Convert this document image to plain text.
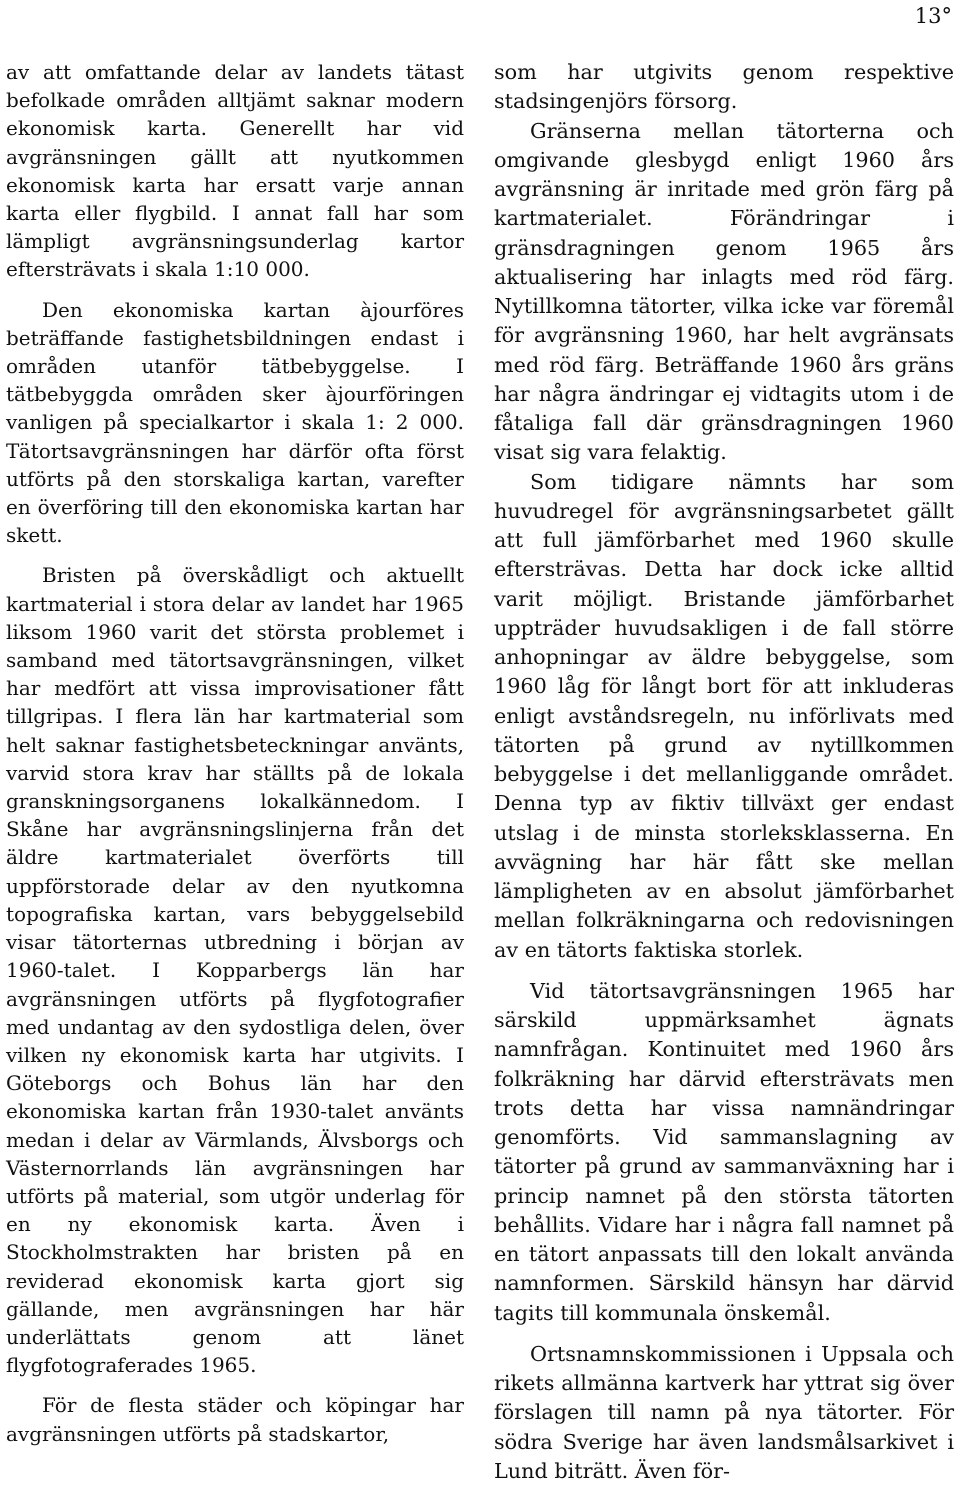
13°

av att omfattande delar av landets tätast befolkade områden alltjämt saknar modern ekonomisk karta. Generellt har vid avgränsningen gällt att nyutkommen ekonomisk karta har ersatt varje annan karta eller flygbild. I annat fall har som lämpligt avgränsningsunderlag kartor eftersträvats i skala 1:10 000.

Den ekonomiska kartan àjourföres beträffande fastighetsbildningen endast i områden utanför tätbebyggelse. I tätbebyggda områden sker àjourföringen vanligen på specialkartor i skala 1: 2 000. Tätortsavgränsningen har därför ofta först utförts på den storskaliga kartan, varefter en överföring till den ekonomiska kartan har skett.

Bristen på överskådligt och aktuellt kartmaterial i stora delar av landet har 1965 liksom 1960 varit det största problemet i samband med tätortsavgränsningen, vilket har medfört att vissa improvisationer fått tillgripas. I flera län har kartmaterial som helt saknar fastighetsbeteckningar använts, varvid stora krav har ställts på de lokala granskningsorganens lokalkännedom. I Skåne har avgränsningslinjerna från det äldre kartmaterialet överförts till uppförstorade delar av den nyutkomna topografiska kartan, vars bebyggelsebild visar tätorternas utbredning i början av 1960-talet. I Kopparbergs län har avgränsningen utförts på flygfotografier med undantag av den sydostliga delen, över vilken ny ekonomisk karta har utgivits. I Göteborgs och Bohus län har den ekonomiska kartan från 1930-talet använts medan i delar av Värmlands, Älvsborgs och Västernorrlands län avgränsningen har utförts på material, som utgör underlag för en ny ekonomisk karta. Även i Stockholmstrakten har bristen på en reviderad ekonomisk karta gjort sig gällande, men avgränsningen har här underlättats genom att länet flygfotograferades 1965.

För de flesta städer och köpingar har avgränsningen utförts på stadskartor,

som har utgivits genom respektive stadsingenjörs försorg.

Gränserna mellan tätorterna och omgivande glesbygd enligt 1960 års avgränsning är inritade med grön färg på kartmaterialet. Förändringar i gränsdragningen genom 1965 års aktualisering har inlagts med röd färg. Nytillkomna tätorter, vilka icke var föremål för avgränsning 1960, har helt avgränsats med röd färg. Beträffande 1960 års gräns har några ändringar ej vidtagits utom i de fåtaliga fall där gränsdragningen 1960 visat sig vara felaktig.

Som tidigare nämnts har som huvudregel för avgränsningsarbetet gällt att full jämförbarhet med 1960 skulle eftersträvas. Detta har dock icke alltid varit möjligt. Bristande jämförbarhet uppträder huvudsakligen i de fall större anhopningar av äldre bebyggelse, som 1960 låg för långt bort för att inkluderas enligt avståndsregeln, nu införlivats med tätorten på grund av nytillkommen bebyggelse i det mellanliggande området. Denna typ av fiktiv tillväxt ger endast utslag i de minsta storleksklasserna. En avvägning har här fått ske mellan lämpligheten av en absolut jämförbarhet mellan folkräkningarna och redovisningen av en tätorts faktiska storlek.

Vid tätortsavgränsningen 1965 har särskild uppmärksamhet ägnats namnfrågan. Kontinuitet med 1960 års folkräkning har därvid eftersträvats men trots detta har vissa namnändringar genomförts. Vid sammanslagning av tätorter på grund av sammanväxning har i princip namnet på den största tätorten behållits. Vidare har i några fall namnet på en tätort anpassats till den lokalt använda namnformen. Särskild hänsyn har därvid tagits till kommunala önskemål.

Ortsnamnskommissionen i Uppsala och rikets allmänna kartverk har yttrat sig över förslagen till namn på nya tätorter. För södra Sverige har även landsmålsarkivet i Lund biträtt. Även för-
